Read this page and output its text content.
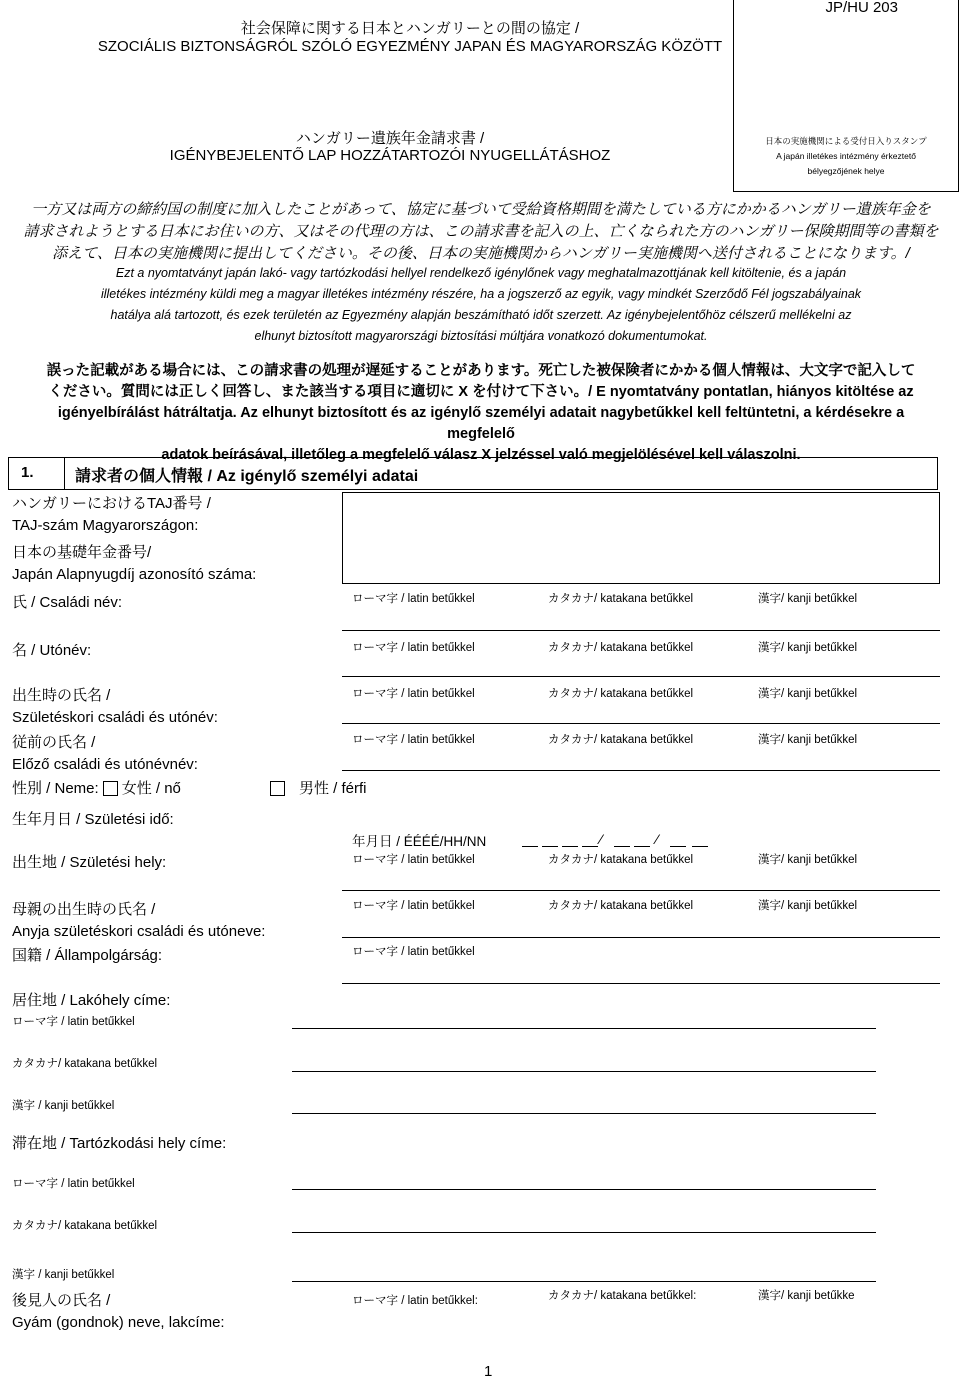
JP/HU 203
社会保障に関する日本とハンガリーとの間の協定 /
SZOCIÁLIS BIZTONSÁGRÓL SZÓLÓ EGYEZMÉNY JAPAN ÉS MAGYARORSZÁG KÖZÖTT
ハンガリー遺族年金請求書 /
IGÉNYBEJELENTŐ LAP HOZZÁTARTOZÓI NYUGELLÁTÁSHOZ
日本の実施機関による受付日入りスタンプ
A japán illetékes intézmény érkeztető
bélyegzőjének helye
一方又は両方の締約国の制度に加入したことがあって、協定に基づいて受給資格期間を満たしている方にかかるハンガリー遺族年金を
請求されようとする日本にお住いの方、又はその代理の方は、この請求書を記入の上、亡くなられた方のハンガリー保険期間等の書類を
添えて、日本の実施機関に提出してください。その後、日本の実施機関からハンガリー実施機関へ送付されることになります。/
Ezt a nyomtatványt japán lakó- vagy tartózkodási hellyel rendelkező igénylőnek vagy meghatalmazottjának kell kitöltenie, és a japán
illetékes intézmény küldi meg a magyar illetékes intézmény részére, ha a jogszerző az egyik, vagy mindkét Szerződő Fél jogszabályainak
hatálya alá tartozott, és ezek területén az Egyezmény alapján beszámítható időt szerzett. Az igénybejelentőhöz célszerű mellékelni az
elhunyt biztosított magyarországi biztosítási múltjára vonatkozó dokumentumokat.
誤った記載がある場合には、この請求書の処理が遅延することがあります。死亡した被保険者にかかる個人情報は、大文字で記入して
ください。質問には正しく回答し、また該当する項目に適切に X を付けて下さい。/ E nyomtatvány pontatlan, hiányos kitöltése az
igényelbírálást hátráltatja. Az elhunyt biztosított és az igénylő személyi adatait nagybetűkkel kell feltüntetni, a kérdésekre a megfelelő
adatok beírásával, illetőleg a megfelelő válasz X jelzéssel való megjelölésével kell válaszolni.
1.	請求者の個人情報 / Az igénylő személyi adatai
ハンガリーにおけるTAJ番号 /
TAJ-szám Magyarországon:
日本の基礎年金番号/
Japán Alapnyugdíj azonosító száma:
氏 / Családi név:	ローマ字 / latin betűkkel	カタカナ/ katakana betűkkel	漢字/ kanji betűkkel
名 / Utónév:	ローマ字 / latin betűkkel	カタカナ/ katakana betűkkel	漢字/ kanji betűkkel
出生時の氏名 /
Születéskori családi és utónév:
ローマ字 / latin betűkkel	カタカナ/ katakana betűkkel	漢字/ kanji betűkkel
従前の氏名 /
Előző családi és utónévnév:
ローマ字 / latin betűkkel	カタカナ/ katakana betűkkel	漢字/ kanji betűkkel
性別 / Neme: 女性 / nő	男性 / férfi
生年月日 / Születési idő:
年月日 / ÉÉÉÉ/HH/NN	⁄	⁄
出生地 / Születési hely:	ローマ字 / latin betűkkel	カタカナ/ katakana betűkkel	漢字/ kanji betűkkel
母親の出生時の氏名 /
Anyja születéskori családi és utóneve:
ローマ字 / latin betűkkel	カタカナ/ katakana betűkkel	漢字/ kanji betűkkel
国籍 / Állampolgárság:	ローマ字 / latin betűkkel
居住地 / Lakóhely címe:
ローマ字 / latin betűkkel
カタカナ/ katakana betűkkel
漢字 / kanji betűkkel
滞在地 / Tartózkodási hely címe:
ローマ字 / latin betűkkel
カタカナ/ katakana betűkkel
漢字 / kanji betűkkel
後見人の氏名 /
Gyám (gondnok) neve, lakcíme:
ローマ字 / latin betűkkel:	カタカナ/ katakana betűkkel:	漢字/ kanji betűkke
1
